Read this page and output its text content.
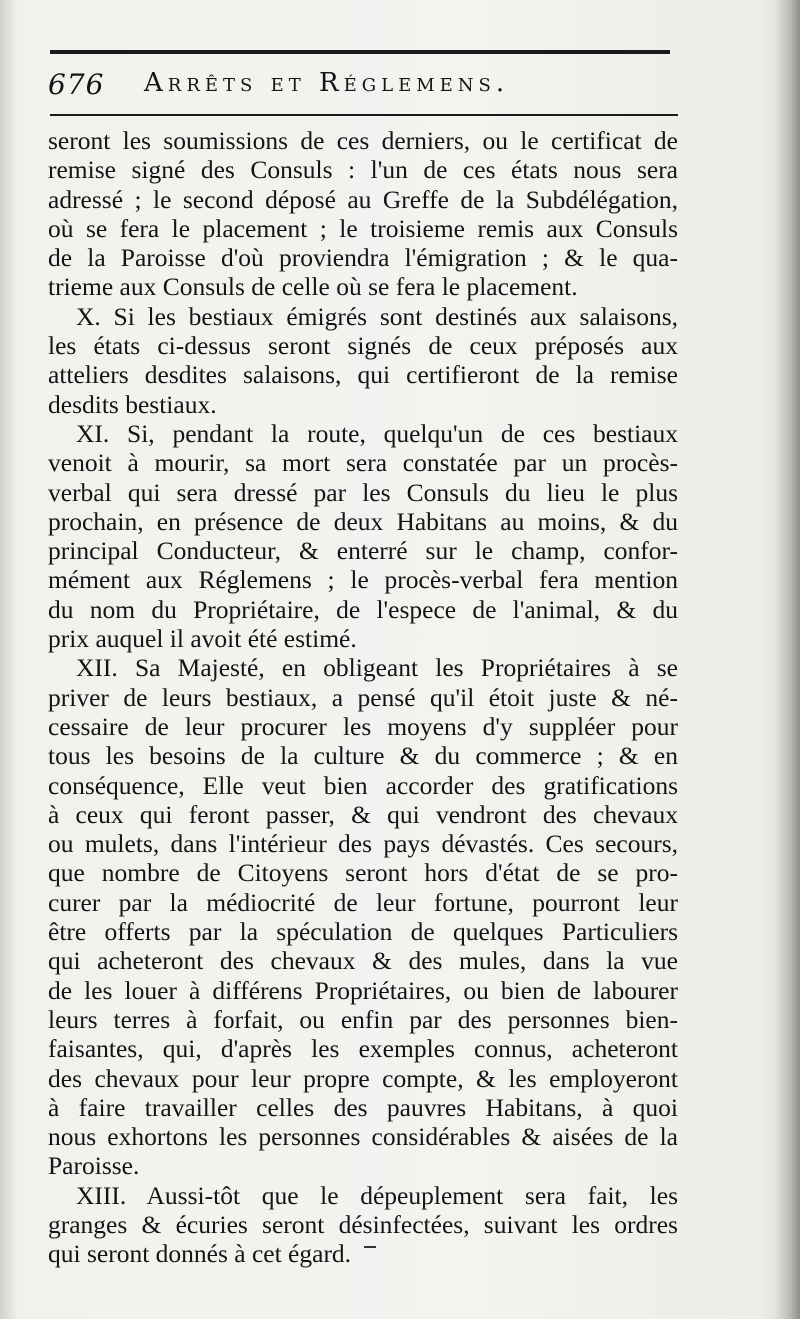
676 Arrêts et Réglemens.
seront les soumissions de ces derniers, ou le certificat de
remise signé des Consuls : l'un de ces états nous sera
adressé ; le second déposé au Greffe de la Subdélégation,
où se fera le placement ; le troisieme remis aux Consuls
de la Paroisse d'où proviendra l'émigration ; & le qua-
trieme aux Consuls de celle où se fera le placement.
X. Si les bestiaux émigrés sont destinés aux salaisons,
les états ci-dessus seront signés de ceux préposés aux
atteliers desdites salaisons, qui certifieront de la remise
desdits bestiaux.
XI. Si, pendant la route, quelqu'un de ces bestiaux
venoit à mourir, sa mort sera constatée par un procès-
verbal qui sera dressé par les Consuls du lieu le plus
prochain, en présence de deux Habitans au moins, & du
principal Conducteur, & enterré sur le champ, confor-
mément aux Réglemens ; le procès-verbal fera mention
du nom du Propriétaire, de l'espece de l'animal, & du
prix auquel il avoit été estimé.
XII. Sa Majesté, en obligeant les Propriétaires à se
priver de leurs bestiaux, a pensé qu'il étoit juste & né-
cessaire de leur procurer les moyens d'y suppléer pour
tous les besoins de la culture & du commerce ; & en
conséquence, Elle veut bien accorder des gratifications
à ceux qui feront passer, & qui vendront des chevaux
ou mulets, dans l'intérieur des pays dévastés. Ces secours,
que nombre de Citoyens seront hors d'état de se pro-
curer par la médiocrité de leur fortune, pourront leur
être offerts par la spéculation de quelques Particuliers
qui acheteront des chevaux & des mules, dans la vue
de les louer à différens Propriétaires, ou bien de labourer
leurs terres à forfait, ou enfin par des personnes bien-
faisantes, qui, d'après les exemples connus, acheteront
des chevaux pour leur propre compte, & les employeront
à faire travailler celles des pauvres Habitans, à quoi
nous exhortons les personnes considérables & aisées de la
Paroisse.
XIII. Aussi-tôt que le dépeuplement sera fait, les
granges & écuries seront désinfectées, suivant les ordres
qui seront donnés à cet égard.
